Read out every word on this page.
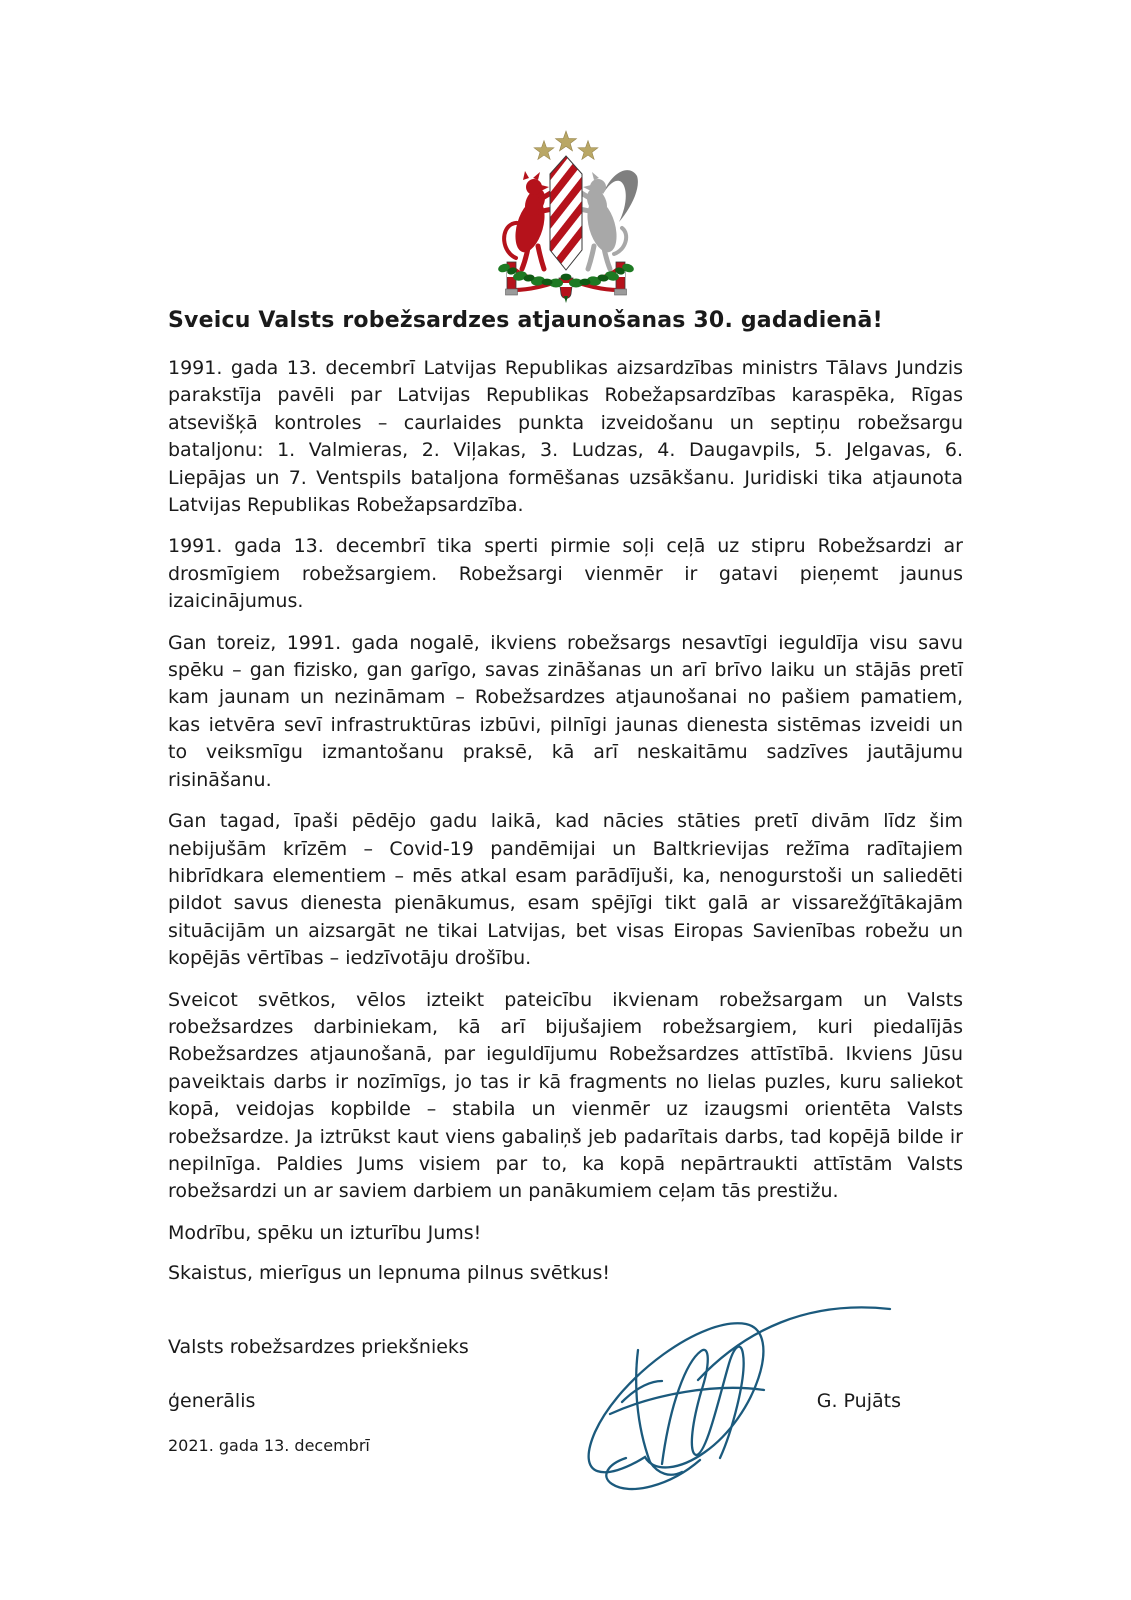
Sveicu Valsts robežsardzes atjaunošanas 30. gadadienā!

1991. gada 13. decembrī Latvijas Republikas aizsardzības ministrs Tālavs Jundzis parakstīja pavēli par Latvijas Republikas Robežapsardzības karaspēka, Rīgas atsevišķā kontroles – caurlaides punkta izveidošanu un septiņu robežsargu bataljonu: 1. Valmieras, 2. Viļakas, 3. Ludzas, 4. Daugavpils, 5. Jelgavas, 6. Liepājas un 7. Ventspils bataljona formēšanas uzsākšanu. Juridiski tika atjaunota Latvijas Republikas Robežapsardzība.

1991. gada 13. decembrī tika sperti pirmie soļi ceļā uz stipru Robežsardzi ar drosmīgiem robežsargiem. Robežsargi vienmēr ir gatavi pieņemt jaunus izaicinājumus.

Gan toreiz, 1991. gada nogalē, ikviens robežsargs nesavtīgi ieguldīja visu savu spēku – gan fizisko, gan garīgo, savas zināšanas un arī brīvo laiku un stājās pretī kam jaunam un nezināmam – Robežsardzes atjaunošanai no pašiem pamatiem, kas ietvēra sevī infrastruktūras izbūvi, pilnīgi jaunas dienesta sistēmas izveidi un to veiksmīgu izmantošanu praksē, kā arī neskaitāmu sadzīves jautājumu risināšanu.

Gan tagad, īpaši pēdējo gadu laikā, kad nācies stāties pretī divām līdz šim nebijušām krīzēm – Covid-19 pandēmijai un Baltkrievijas režīma radītajiem hibrīdkara elementiem – mēs atkal esam parādījuši, ka, nenogurstoši un saliedēti pildot savus dienesta pienākumus, esam spējīgi tikt galā ar vissarežģītākajām situācijām un aizsargāt ne tikai Latvijas, bet visas Eiropas Savienības robežu un kopējās vērtības – iedzīvotāju drošību.

Sveicot svētkos, vēlos izteikt pateicību ikvienam robežsargam un Valsts robežsardzes darbiniekam, kā arī bijušajiem robežsargiem, kuri piedalījās Robežsardzes atjaunošanā, par ieguldījumu Robežsardzes attīstībā. Ikviens Jūsu paveiktais darbs ir nozīmīgs, jo tas ir kā fragments no lielas puzles, kuru saliekot kopā, veidojas kopbilde – stabila un vienmēr uz izaugsmi orientēta Valsts robežsardze. Ja iztrūkst kaut viens gabaliņš jeb padarītais darbs, tad kopējā bilde ir nepilnīga. Paldies Jums visiem par to, ka kopā nepārtraukti attīstām Valsts robežsardzi un ar saviem darbiem un panākumiem ceļam tās prestižu.

Modrību, spēku un izturību Jums!

Skaistus, mierīgus un lepnuma pilnus svētkus!

Valsts robežsardzes priekšnieks
ģenerālis	G. Pujāts
2021. gada 13. decembrī
